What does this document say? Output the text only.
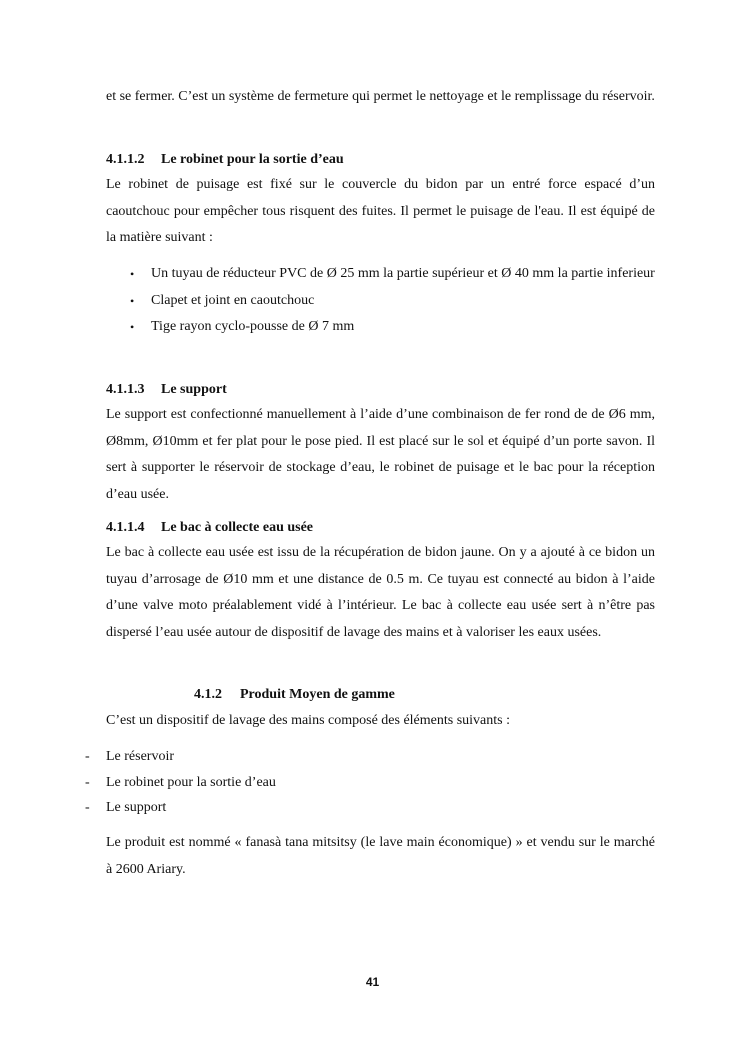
et se fermer. C’est un système de fermeture qui permet le nettoyage et le remplissage du réservoir.

4.1.1.2 Le robinet pour la sortie d’eau

Le robinet de puisage est fixé sur le couvercle du bidon par un entré force espacé d’un caoutchouc pour empêcher tous risquent des fuites. Il permet le puisage de l'eau. Il est équipé de la matière suivant :

•	Un tuyau de réducteur PVC de Ø 25 mm la partie supérieur et Ø 40 mm la partie inferieur
•	Clapet et joint en caoutchouc
•	Tige rayon cyclo-pousse de Ø 7 mm
4.1.1.3 Le support

Le support est confectionné manuellement à l’aide d’une combinaison de fer rond de de Ø6 mm, Ø8mm, Ø10mm et fer plat pour le pose pied. Il est placé sur le sol et équipé d’un porte savon. Il sert à supporter le réservoir de stockage d’eau, le robinet de puisage et le bac pour la réception d’eau usée.

4.1.1.4 Le bac à collecte eau usée

Le bac à collecte eau usée est issu de la récupération de bidon jaune. On y a ajouté à ce bidon un tuyau d’arrosage de Ø10 mm et une distance de 0.5 m. Ce tuyau est connecté au bidon à l’aide d’une valve moto préalablement vidé à l’intérieur. Le bac à collecte eau usée sert à n’être pas dispersé l’eau usée autour de dispositif de lavage des mains et à valoriser les eaux usées.

4.1.2 Produit Moyen de gamme

C’est un dispositif de lavage des mains composé des éléments suivants :

- Le réservoir
- Le robinet pour la sortie d’eau
- Le support

Le produit est nommé « fanasà tana mitsitsy (le lave main économique) » et vendu sur le marché à 2600 Ariary.

41
